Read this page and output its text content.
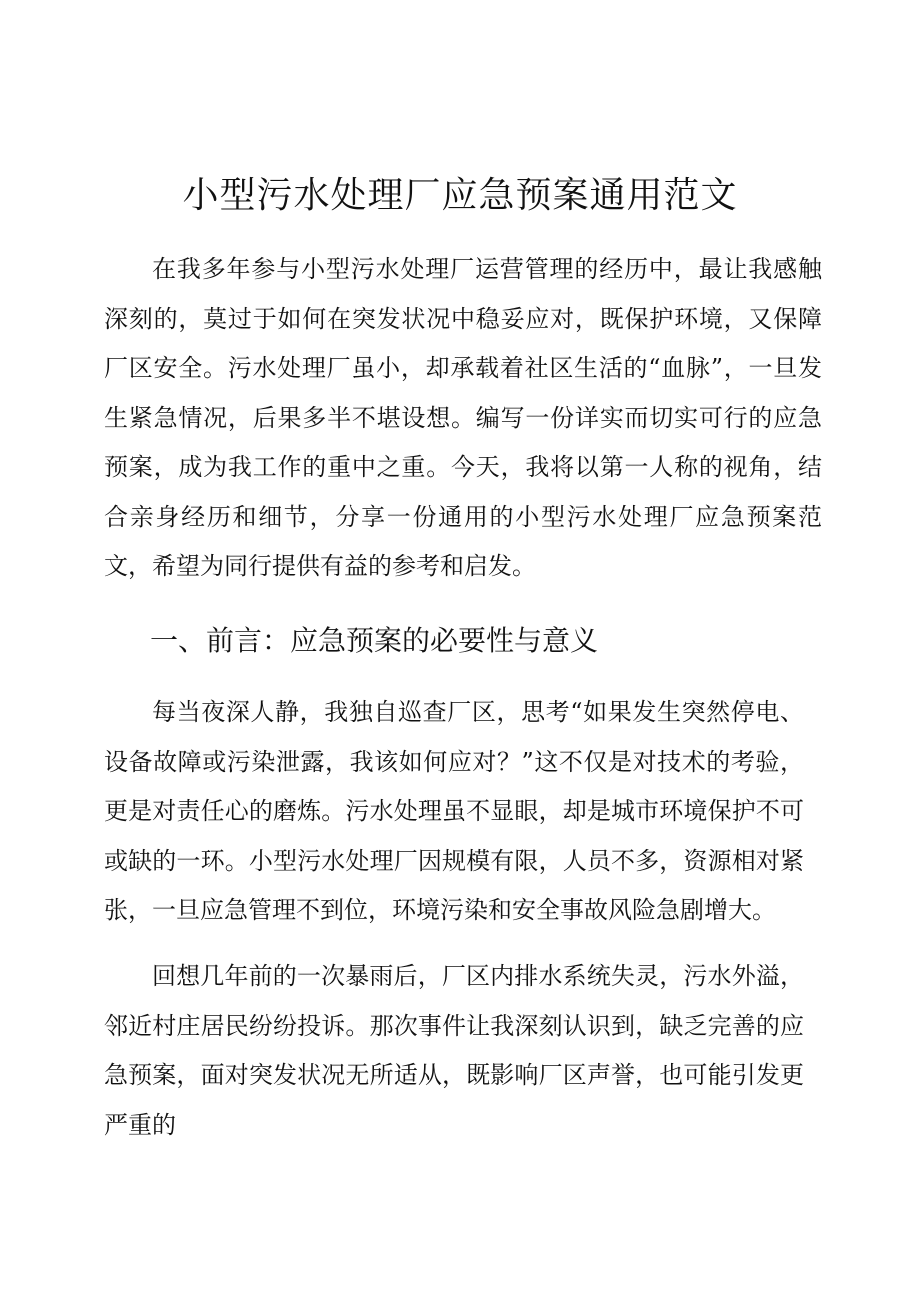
小型污水处理厂应急预案通用范文

在我多年参与小型污水处理厂运营管理的经历中，最让我感触深刻的，莫过于如何在突发状况中稳妥应对，既保护环境，又保障厂区安全。污水处理厂虽小，却承载着社区生活的“血脉”，一旦发生紧急情况，后果多半不堪设想。编写一份详实而切实可行的应急预案，成为我工作的重中之重。今天，我将以第一人称的视角，结合亲身经历和细节，分享一份通用的小型污水处理厂应急预案范文，希望为同行提供有益的参考和启发。

一、前言：应急预案的必要性与意义

每当夜深人静，我独自巡查厂区，思考“如果发生突然停电、设备故障或污染泄露，我该如何应对？”这不仅是对技术的考验，更是对责任心的磨炼。污水处理虽不显眼，却是城市环境保护不可或缺的一环。小型污水处理厂因规模有限，人员不多，资源相对紧张，一旦应急管理不到位，环境污染和安全事故风险急剧增大。

回想几年前的一次暴雨后，厂区内排水系统失灵，污水外溢，邻近村庄居民纷纷投诉。那次事件让我深刻认识到，缺乏完善的应急预案，面对突发状况无所适从，既影响厂区声誉，也可能引发更严重的
